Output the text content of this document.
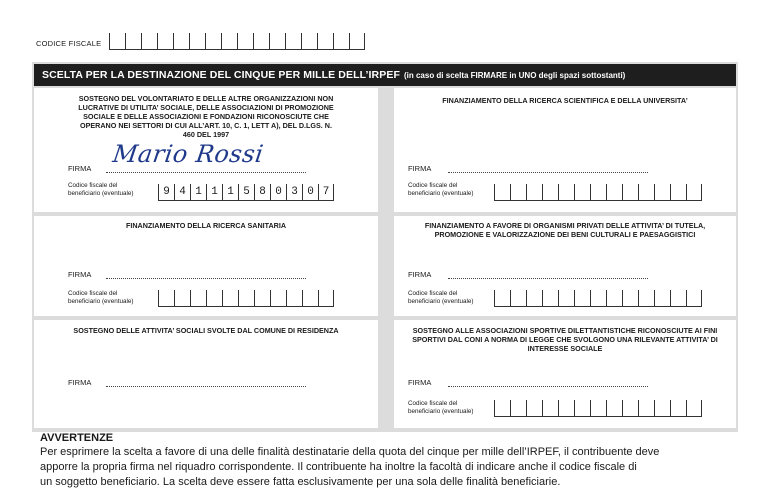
CODICE FISCALE
SCELTA PER LA DESTINAZIONE DEL CINQUE PER MILLE DELL’IRPEF (in caso di scelta FIRMARE in UNO degli spazi sottostanti)
SOSTEGNO DEL VOLONTARIATO E DELLE ALTRE ORGANIZZAZIONI NON LUCRATIVE DI UTILITA’ SOCIALE, DELLE ASSOCIAZIONI DI PROMOZIONE SOCIALE E DELLE ASSOCIAZIONI E FONDAZIONI RICONOSCIUTE CHE OPERANO NEI SETTORI DI CUI ALL’ART. 10, C. 1, LETT A), DEL D.LGS. N. 460 DEL 1997
FIRMA
Codice fiscale del
beneficiario (eventuale)	9 4 1 1 1 5 8 0 3 0 7
Mario Rossi
FINANZIAMENTO DELLA RICERCA SCIENTIFICA E DELLA UNIVERSITA’
FIRMA
Codice fiscale del
beneficiario (eventuale)
FINANZIAMENTO DELLA RICERCA SANITARIA
FIRMA
Codice fiscale del
beneficiario (eventuale)
FINANZIAMENTO A FAVORE DI ORGANISMI PRIVATI DELLE ATTIVITA’ DI TUTELA, PROMOZIONE E VALORIZZAZIONE DEI BENI CULTURALI E PAESAGGISTICI
FIRMA
Codice fiscale del
beneficiario (eventuale)
SOSTEGNO DELLE ATTIVITA’ SOCIALI SVOLTE DAL COMUNE DI RESIDENZA
FIRMA
SOSTEGNO ALLE ASSOCIAZIONI SPORTIVE DILETTANTISTICHE RICONOSCIUTE AI FINI SPORTIVI DAL CONI A NORMA DI LEGGE CHE SVOLGONO UNA RILEVANTE ATTIVITA’ DI INTERESSE SOCIALE
FIRMA
Codice fiscale del
beneficiario (eventuale)
AVVERTENZE
Per esprimere la scelta a favore di una delle finalità destinatarie della quota del cinque per mille dell’IRPEF, il contribuente deve
apporre la propria firma nel riquadro corrispondente. Il contribuente ha inoltre la facoltà di indicare anche il codice fiscale di
un soggetto beneficiario. La scelta deve essere fatta esclusivamente per una sola delle finalità beneficiarie.
